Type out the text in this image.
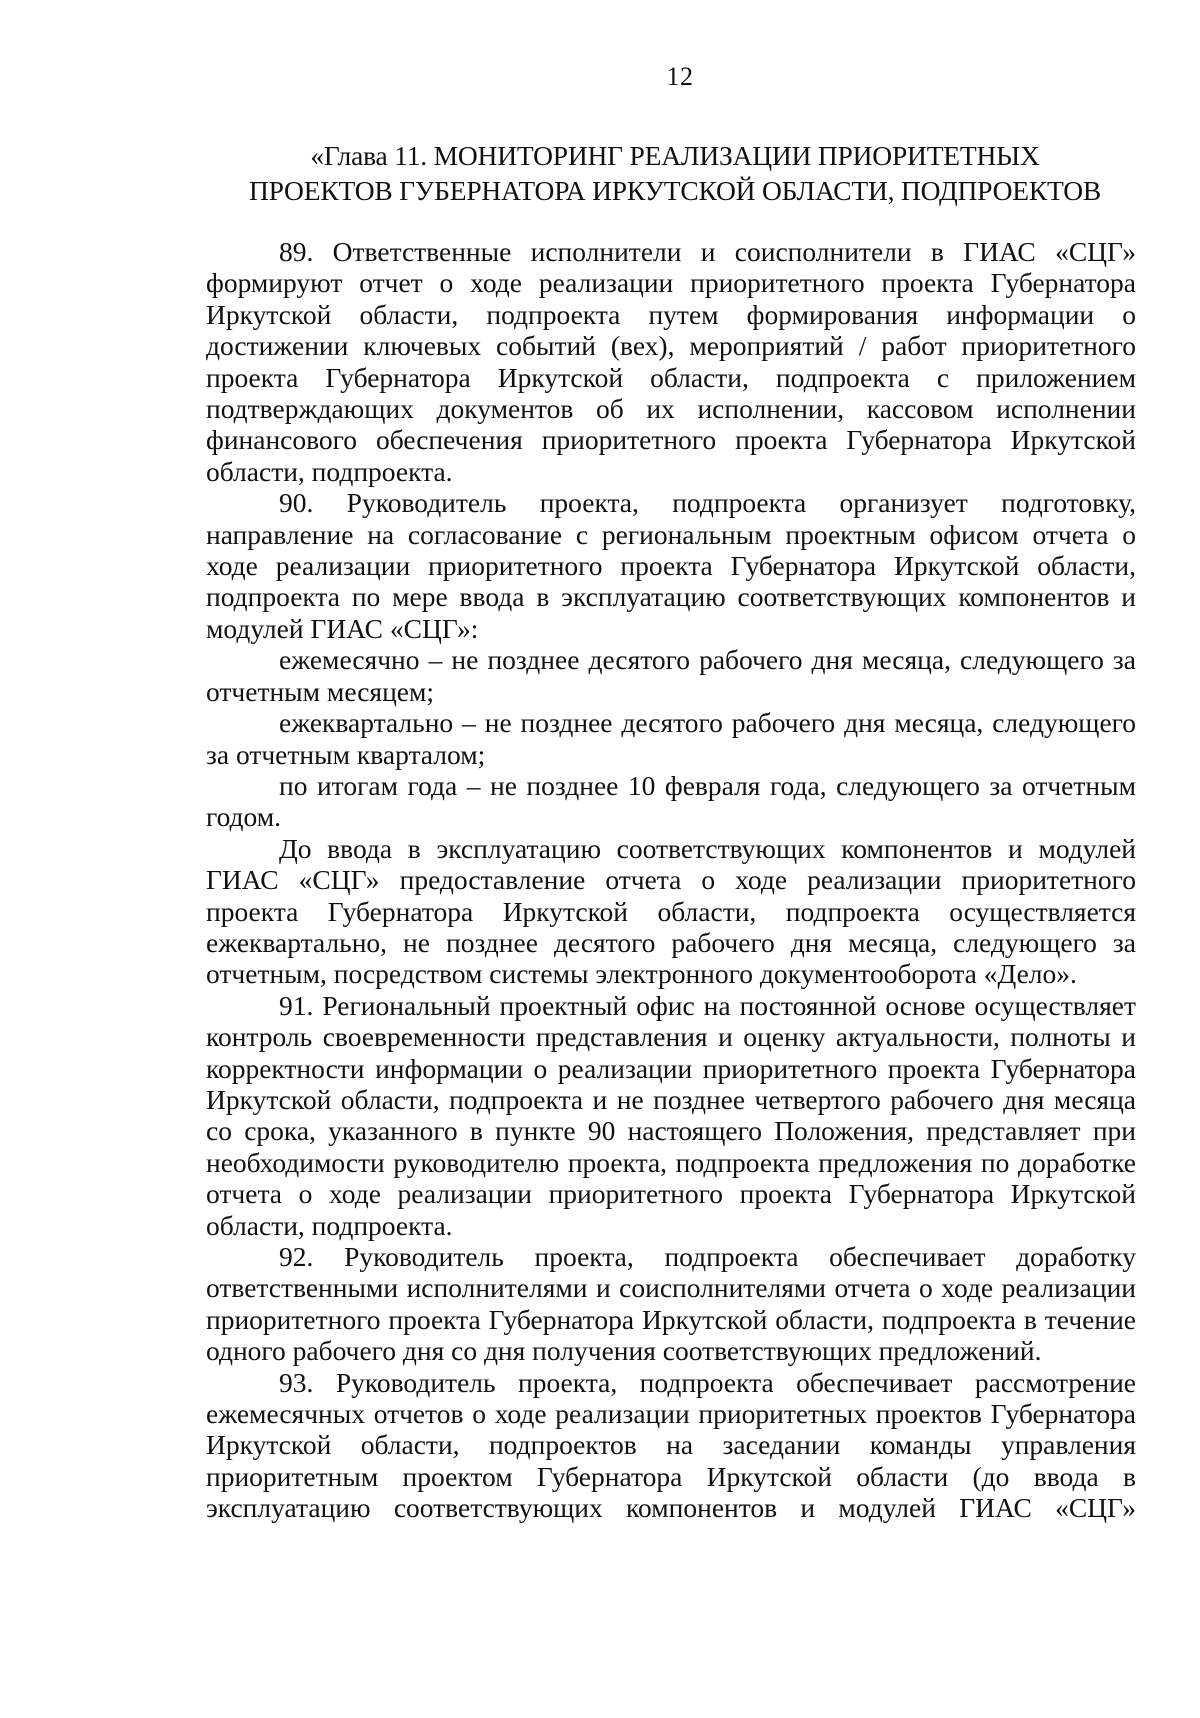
12
«Глава 11. МОНИТОРИНГ РЕАЛИЗАЦИИ ПРИОРИТЕТНЫХ
ПРОЕКТОВ ГУБЕРНАТОРА ИРКУТСКОЙ ОБЛАСТИ, ПОДПРОЕКТОВ

89. Ответственные исполнители и соисполнители в ГИАС «СЦГ» формируют отчет о ходе реализации приоритетного проекта Губернатора Иркутской области, подпроекта путем формирования информации о достижении ключевых событий (вех), мероприятий / работ приоритетного проекта Губернатора Иркутской области, подпроекта с приложением подтверждающих документов об их исполнении, кассовом исполнении финансового обеспечения приоритетного проекта Губернатора Иркутской области, подпроекта.

90. Руководитель проекта, подпроекта организует подготовку, направление на согласование с региональным проектным офисом отчета о ходе реализации приоритетного проекта Губернатора Иркутской области, подпроекта по мере ввода в эксплуатацию соответствующих компонентов и модулей ГИАС «СЦГ»:

ежемесячно – не позднее десятого рабочего дня месяца, следующего за отчетным месяцем;

ежеквартально – не позднее десятого рабочего дня месяца, следующего за отчетным кварталом;

по итогам года – не позднее 10 февраля года, следующего за отчетным годом.

До ввода в эксплуатацию соответствующих компонентов и модулей ГИАС «СЦГ» предоставление отчета о ходе реализации приоритетного проекта Губернатора Иркутской области, подпроекта осуществляется ежеквартально, не позднее десятого рабочего дня месяца, следующего за отчетным, посредством системы электронного документооборота «Дело».

91. Региональный проектный офис на постоянной основе осуществляет контроль своевременности представления и оценку актуальности, полноты и корректности информации о реализации приоритетного проекта Губернатора Иркутской области, подпроекта и не позднее четвертого рабочего дня месяца со срока, указанного в пункте 90 настоящего Положения, представляет при необходимости руководителю проекта, подпроекта предложения по доработке отчета о ходе реализации приоритетного проекта Губернатора Иркутской области, подпроекта.

92. Руководитель проекта, подпроекта обеспечивает доработку ответственными исполнителями и соисполнителями отчета о ходе реализации приоритетного проекта Губернатора Иркутской области, подпроекта в течение одного рабочего дня со дня получения соответствующих предложений.

93. Руководитель проекта, подпроекта обеспечивает рассмотрение ежемесячных отчетов о ходе реализации приоритетных проектов Губернатора Иркутской области, подпроектов на заседании команды управления приоритетным проектом Губернатора Иркутской области (до ввода в эксплуатацию соответствующих компонентов и модулей ГИАС «СЦГ»
